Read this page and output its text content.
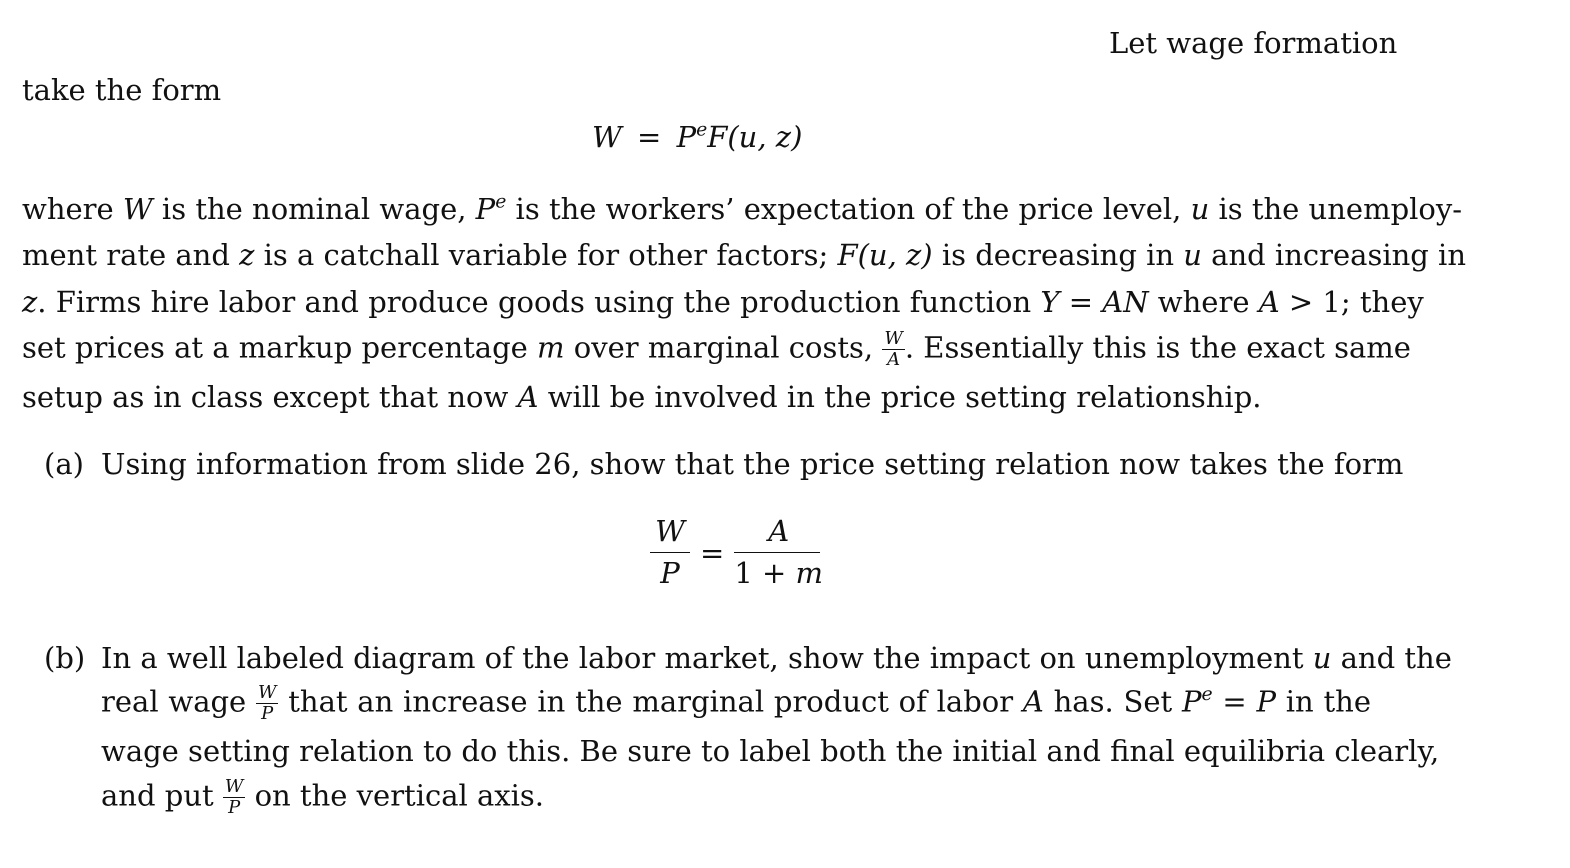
Let wage formation
take the form
$W = P^eF(u$, z)
where W is the nominal wage, $P^e$ is the workers’ expectation of the price level, u is the unemploy-
ment rate and z is a catchall variable for other factors; F(u, z) is decreasing in u and increasing in
z. Firms hire labor and produce goods using the production function Y = AN where A > 1; they
set prices at a markup percentage m over marginal costs, $\frac{W}{A}$ . Essentially this is the exact same
setup as in class except that now A will be involved in the price setting relationship.
(a) Using information from slide 26, show that the price setting relation now takes the form
$\frac{W}{P} = \frac{A}{1 + m}$
(b) In a well labeled diagram of the labor market, show the impact on unemployment u and the
real wage $\frac{W}{P}$ that an increase in the marginal product of labor A has. Set $P^e = P$ in the
wage setting relation to do this. Be sure to label both the initial and final equilibria clearly,
and put $\frac{W}{P}$ on the vertical axis.
